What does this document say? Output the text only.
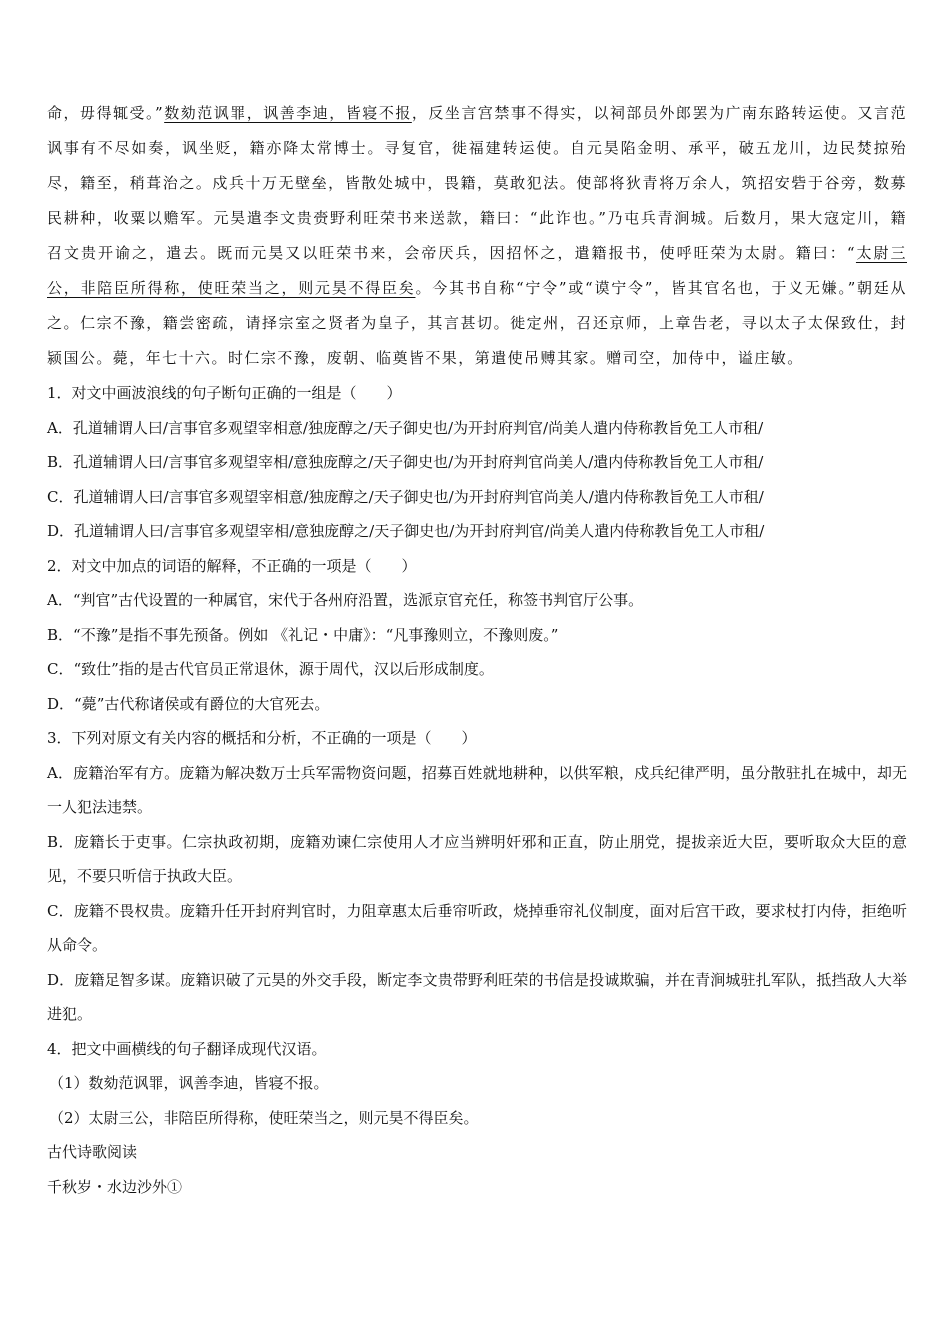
命，毋得辄受。”数劾范讽罪，讽善李迪，皆寝不报，反坐言宫禁事不得实，以祠部员外郎罢为广南东路转运使。又言范讽事有不尽如奏，讽坐贬，籍亦降太常博士。寻复官，徙福建转运使。自元昊陷金明、承平，破五龙川，边民焚掠殆尽，籍至，稍葺治之。戍兵十万无壁垒，皆散处城中，畏籍，莫敢犯法。使部将狄青将万余人，筑招安砦于谷旁，数募民耕种，收粟以赡军。元昊遣李文贵赍野利旺荣书来送款，籍曰：“此诈也。”乃屯兵青涧城。后数月，果大寇定川，籍召文贵开谕之，遣去。既而元昊又以旺荣书来，会帝厌兵，因招怀之，遣籍报书，使呼旺荣为太尉。籍曰：“太尉三公，非陪臣所得称，使旺荣当之，则元昊不得臣矣。今其书自称“宁令”或“谟宁令”，皆其官名也，于义无嫌。”朝廷从之。仁宗不豫，籍尝密疏，请择宗室之贤者为皇子，其言甚切。徙定州，召还京师，上章告老，寻以太子太保致仕，封颍国公。薨，年七十六。时仁宗不豫，废朝、临奠皆不果，第遣使吊赙其家。赠司空，加侍中，谥庄敏。

1．对文中画波浪线的句子断句正确的一组是（　　）

A．孔道辅谓人曰/言事官多观望宰相意/独庞醇之/天子御史也/为开封府判官/尚美人遣内侍称教旨免工人市租/

B．孔道辅谓人曰/言事官多观望宰相/意独庞醇之/天子御史也/为开封府判官尚美人/遣内侍称教旨免工人市租/

C．孔道辅谓人曰/言事官多观望宰相意/独庞醇之/天子御史也/为开封府判官尚美人/遣内侍称教旨免工人市租/

D．孔道辅谓人曰/言事官多观望宰相/意独庞醇之/天子御史也/为开封府判官/尚美人遣内侍称教旨免工人市租/

2．对文中加点的词语的解释，不正确的一项是（　　）

A．“判官”古代设置的一种属官，宋代于各州府沿置，选派京官充任，称签书判官厅公事。

B．“不豫”是指不事先预备。例如 《礼记・中庸》：“凡事豫则立，不豫则废。”

C．“致仕”指的是古代官员正常退休，源于周代，汉以后形成制度。

D．“薨”古代称诸侯或有爵位的大官死去。

3．下列对原文有关内容的概括和分析，不正确的一项是（　　）

A．庞籍治军有方。庞籍为解决数万士兵军需物资问题，招募百姓就地耕种，以供军粮，戍兵纪律严明，虽分散驻扎在城中，却无一人犯法违禁。

B．庞籍长于吏事。仁宗执政初期，庞籍劝谏仁宗使用人才应当辨明奸邪和正直，防止朋党，提拔亲近大臣，要听取众大臣的意见，不要只听信于执政大臣。

C．庞籍不畏权贵。庞籍升任开封府判官时，力阻章惠太后垂帘听政，烧掉垂帘礼仪制度，面对后宫干政，要求杖打内侍，拒绝听从命令。

D．庞籍足智多谋。庞籍识破了元昊的外交手段，断定李文贵带野利旺荣的书信是投诚欺骗，并在青涧城驻扎军队，抵挡敌人大举进犯。

4．把文中画横线的句子翻译成现代汉语。

（1）数劾范讽罪，讽善李迪，皆寝不报。

（2）太尉三公，非陪臣所得称，使旺荣当之，则元昊不得臣矣。

古代诗歌阅读

千秋岁・水边沙外①
